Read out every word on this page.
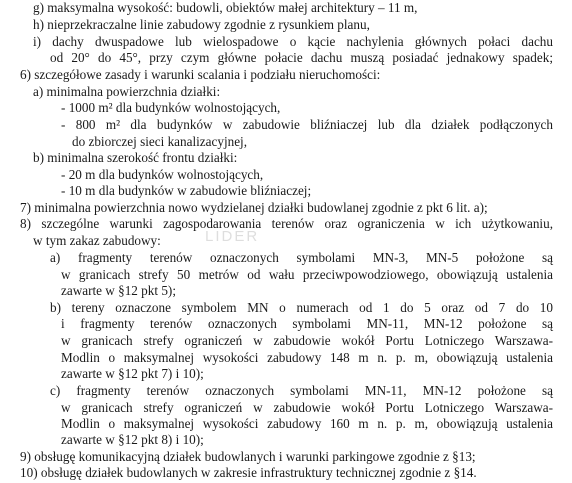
LIDER
g) maksymalna wysokość: budowli, obiektów małej architektury – 11 m,
h) nieprzekraczalne linie zabudowy zgodnie z rysunkiem planu,
i) dachy dwuspadowe lub wielospadowe o kącie nachylenia głównych połaci dachu
od 20° do 45°, przy czym główne połacie dachu muszą posiadać jednakowy spadek;
6) szczegółowe zasady i warunki scalania i podziału nieruchomości:
a) minimalna powierzchnia działki:
- 1000 m² dla budynków wolnostojących,
- 800 m² dla budynków w zabudowie bliźniaczej lub dla działek podłączonych
do zbiorczej sieci kanalizacyjnej,
b) minimalna szerokość frontu działki:
- 20 m dla budynków wolnostojących,
- 10 m dla budynków w zabudowie bliźniaczej;
7) minimalna powierzchnia nowo wydzielanej działki budowlanej zgodnie z pkt 6 lit. a);
8) szczególne warunki zagospodarowania terenów oraz ograniczenia w ich użytkowaniu,
w tym zakaz zabudowy:
a) fragmenty terenów oznaczonych symbolami MN-3, MN-5 położone są
w granicach strefy 50 metrów od wału przeciwpowodziowego, obowiązują ustalenia
zawarte w §12 pkt 5);
b) tereny oznaczone symbolem MN o numerach od 1 do 5 oraz od 7 do 10
i fragmenty terenów oznaczonych symbolami MN-11, MN-12 położone są
w granicach strefy ograniczeń w zabudowie wokół Portu Lotniczego Warszawa-
Modlin o maksymalnej wysokości zabudowy 148 m n. p. m, obowiązują ustalenia
zawarte w §12 pkt 7) i 10);
c) fragmenty terenów oznaczonych symbolami MN-11, MN-12 położone są
w granicach strefy ograniczeń w zabudowie wokół Portu Lotniczego Warszawa-
Modlin o maksymalnej wysokości zabudowy 160 m n. p. m, obowiązują ustalenia
zawarte w §12 pkt 8) i 10);
9) obsługę komunikacyjną działek budowlanych i warunki parkingowe zgodnie z §13;
10) obsługę działek budowlanych w zakresie infrastruktury technicznej zgodnie z §14.
